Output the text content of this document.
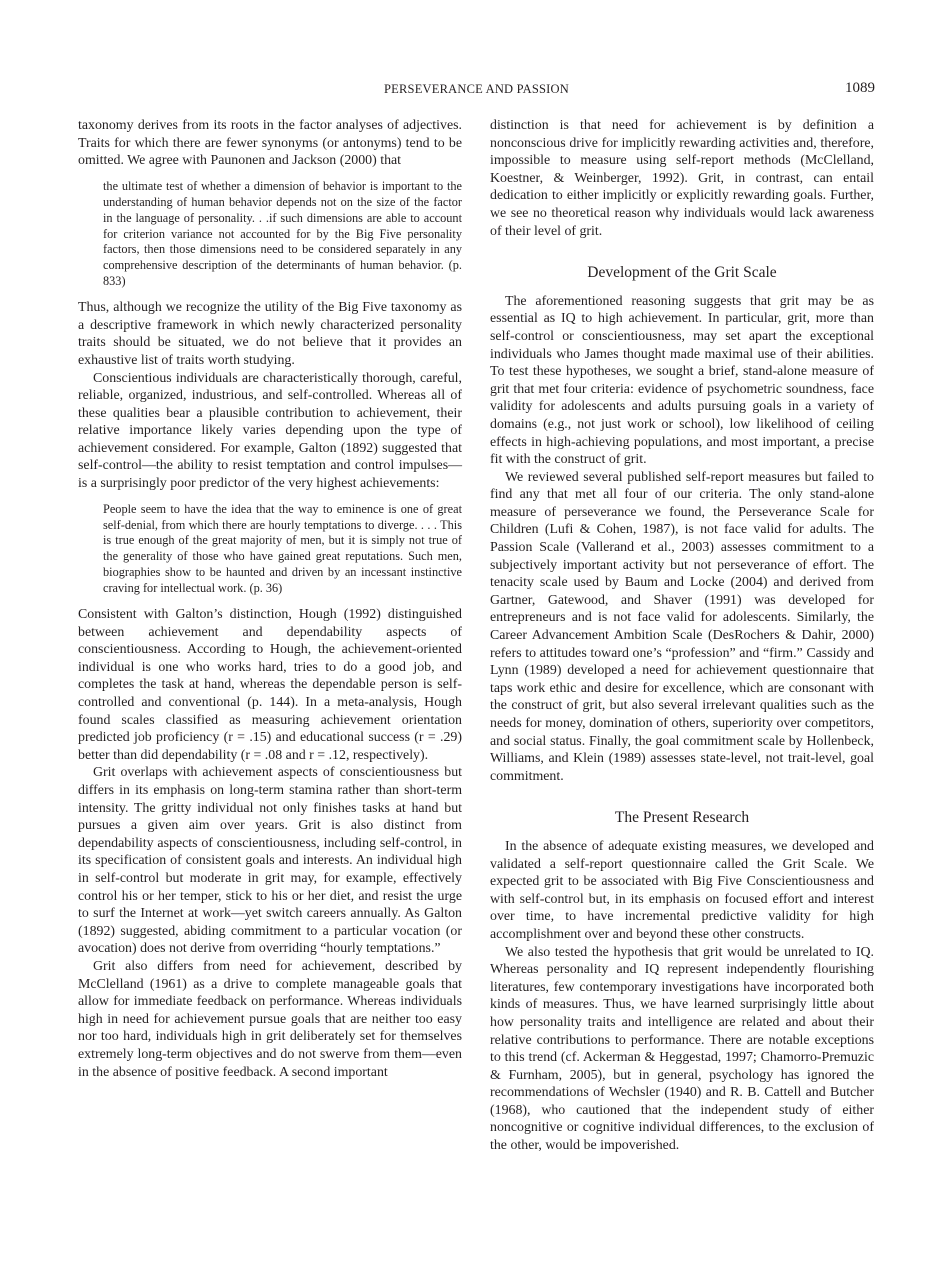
PERSEVERANCE AND PASSION	1089

taxonomy derives from its roots in the factor analyses of adjectives. Traits for which there are fewer synonyms (or antonyms) tend to be omitted. We agree with Paunonen and Jackson (2000) that

the ultimate test of whether a dimension of behavior is important to the understanding of human behavior depends not on the size of the factor in the language of personality. . .if such dimensions are able to account for criterion variance not accounted for by the Big Five personality factors, then those dimensions need to be considered separately in any comprehensive description of the determinants of human behavior. (p. 833)

Thus, although we recognize the utility of the Big Five taxonomy as a descriptive framework in which newly characterized personality traits should be situated, we do not believe that it provides an exhaustive list of traits worth studying.

Conscientious individuals are characteristically thorough, careful, reliable, organized, industrious, and self-controlled. Whereas all of these qualities bear a plausible contribution to achievement, their relative importance likely varies depending upon the type of achievement considered. For example, Galton (1892) suggested that self-control—the ability to resist temptation and control impulses—is a surprisingly poor predictor of the very highest achievements:

People seem to have the idea that the way to eminence is one of great self-denial, from which there are hourly temptations to diverge. . . . This is true enough of the great majority of men, but it is simply not true of the generality of those who have gained great reputations. Such men, biographies show to be haunted and driven by an incessant instinctive craving for intellectual work. (p. 36)

Consistent with Galton’s distinction, Hough (1992) distinguished between achievement and dependability aspects of conscientiousness. According to Hough, the achievement-oriented individual is one who works hard, tries to do a good job, and completes the task at hand, whereas the dependable person is self-controlled and conventional (p. 144). In a meta-analysis, Hough found scales classified as measuring achievement orientation predicted job proficiency (r = .15) and educational success (r = .29) better than did dependability (r = .08 and r = .12, respectively).

Grit overlaps with achievement aspects of conscientiousness but differs in its emphasis on long-term stamina rather than short-term intensity. The gritty individual not only finishes tasks at hand but pursues a given aim over years. Grit is also distinct from dependability aspects of conscientiousness, including self-control, in its specification of consistent goals and interests. An individual high in self-control but moderate in grit may, for example, effectively control his or her temper, stick to his or her diet, and resist the urge to surf the Internet at work—yet switch careers annually. As Galton (1892) suggested, abiding commitment to a particular vocation (or avocation) does not derive from overriding “hourly temptations.”

Grit also differs from need for achievement, described by McClelland (1961) as a drive to complete manageable goals that allow for immediate feedback on performance. Whereas individuals high in need for achievement pursue goals that are neither too easy nor too hard, individuals high in grit deliberately set for themselves extremely long-term objectives and do not swerve from them—even in the absence of positive feedback. A second important

distinction is that need for achievement is by definition a nonconscious drive for implicitly rewarding activities and, therefore, impossible to measure using self-report methods (McClelland, Koestner, & Weinberger, 1992). Grit, in contrast, can entail dedication to either implicitly or explicitly rewarding goals. Further, we see no theoretical reason why individuals would lack awareness of their level of grit.

Development of the Grit Scale

The aforementioned reasoning suggests that grit may be as essential as IQ to high achievement. In particular, grit, more than self-control or conscientiousness, may set apart the exceptional individuals who James thought made maximal use of their abilities. To test these hypotheses, we sought a brief, stand-alone measure of grit that met four criteria: evidence of psychometric soundness, face validity for adolescents and adults pursuing goals in a variety of domains (e.g., not just work or school), low likelihood of ceiling effects in high-achieving populations, and most important, a precise fit with the construct of grit.

We reviewed several published self-report measures but failed to find any that met all four of our criteria. The only stand-alone measure of perseverance we found, the Perseverance Scale for Children (Lufi & Cohen, 1987), is not face valid for adults. The Passion Scale (Vallerand et al., 2003) assesses commitment to a subjectively important activity but not perseverance of effort. The tenacity scale used by Baum and Locke (2004) and derived from Gartner, Gatewood, and Shaver (1991) was developed for entrepreneurs and is not face valid for adolescents. Similarly, the Career Advancement Ambition Scale (DesRochers & Dahir, 2000) refers to attitudes toward one’s “profession” and “firm.” Cassidy and Lynn (1989) developed a need for achievement questionnaire that taps work ethic and desire for excellence, which are consonant with the construct of grit, but also several irrelevant qualities such as the needs for money, domination of others, superiority over competitors, and social status. Finally, the goal commitment scale by Hollenbeck, Williams, and Klein (1989) assesses state-level, not trait-level, goal commitment.

The Present Research

In the absence of adequate existing measures, we developed and validated a self-report questionnaire called the Grit Scale. We expected grit to be associated with Big Five Conscientiousness and with self-control but, in its emphasis on focused effort and interest over time, to have incremental predictive validity for high accomplishment over and beyond these other constructs.

We also tested the hypothesis that grit would be unrelated to IQ. Whereas personality and IQ represent independently flourishing literatures, few contemporary investigations have incorporated both kinds of measures. Thus, we have learned surprisingly little about how personality traits and intelligence are related and about their relative contributions to performance. There are notable exceptions to this trend (cf. Ackerman & Heggestad, 1997; Chamorro-Premuzic & Furnham, 2005), but in general, psychology has ignored the recommendations of Wechsler (1940) and R. B. Cattell and Butcher (1968), who cautioned that the independent study of either noncognitive or cognitive individual differences, to the exclusion of the other, would be impoverished.
